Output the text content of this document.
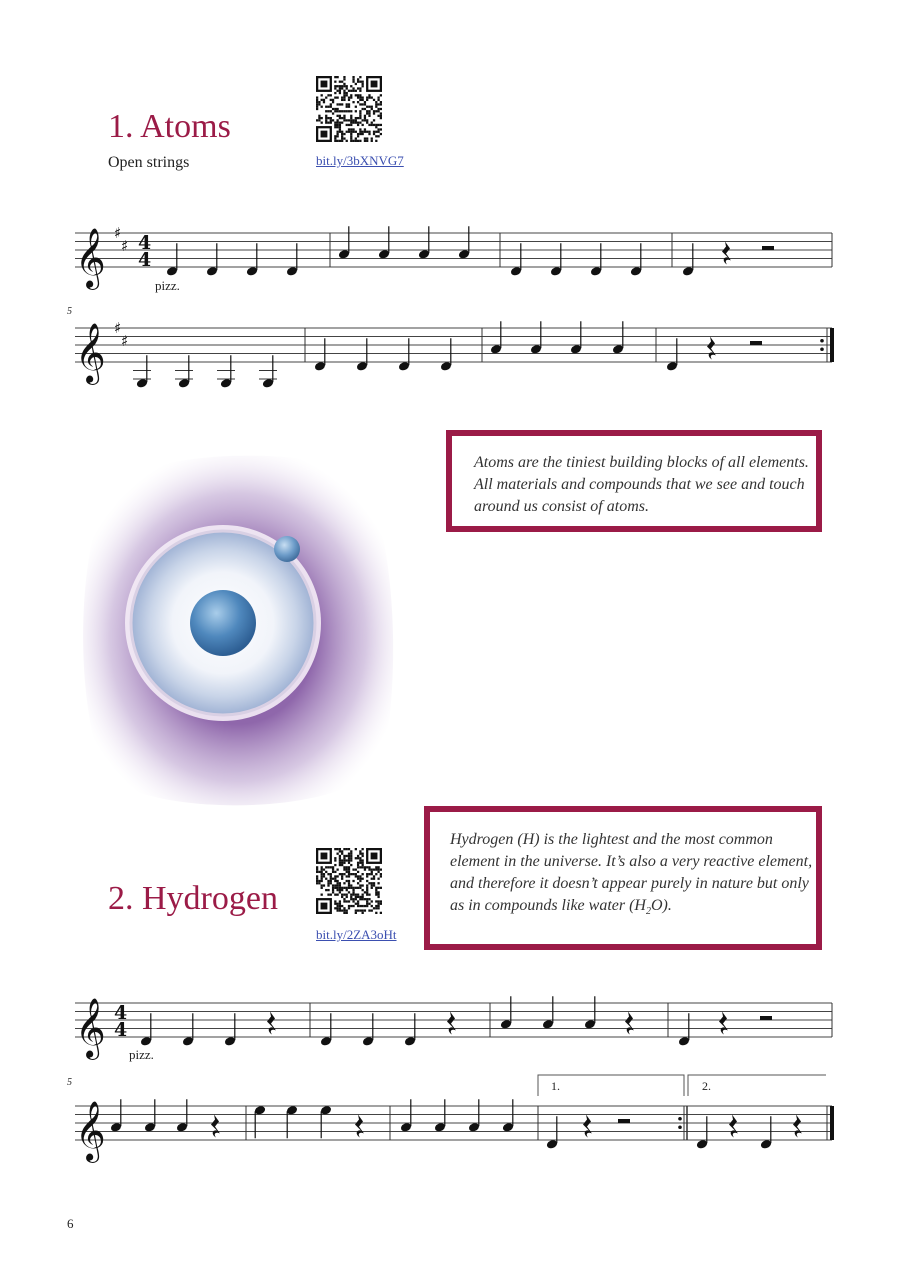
1. Atoms
Open strings	bit.ly/3bXNVG7

Atoms are the tiniest building blocks of all elements. All materials and compounds that we see and touch around us consist of atoms.

2. Hydrogen
bit.ly/2ZA3oHt

Hydrogen (H) is the lightest and the most common element in the universe. It’s also a very reactive element, and therefore it doesn’t appear purely in nature but only as in compounds like water $(H_2O)$.

𝄞 ♯
♯ 4
4
𝄞 ♯
♯
𝄞 4
4
𝄞
pizz.
5
pizz.
5	1.	2.
6
